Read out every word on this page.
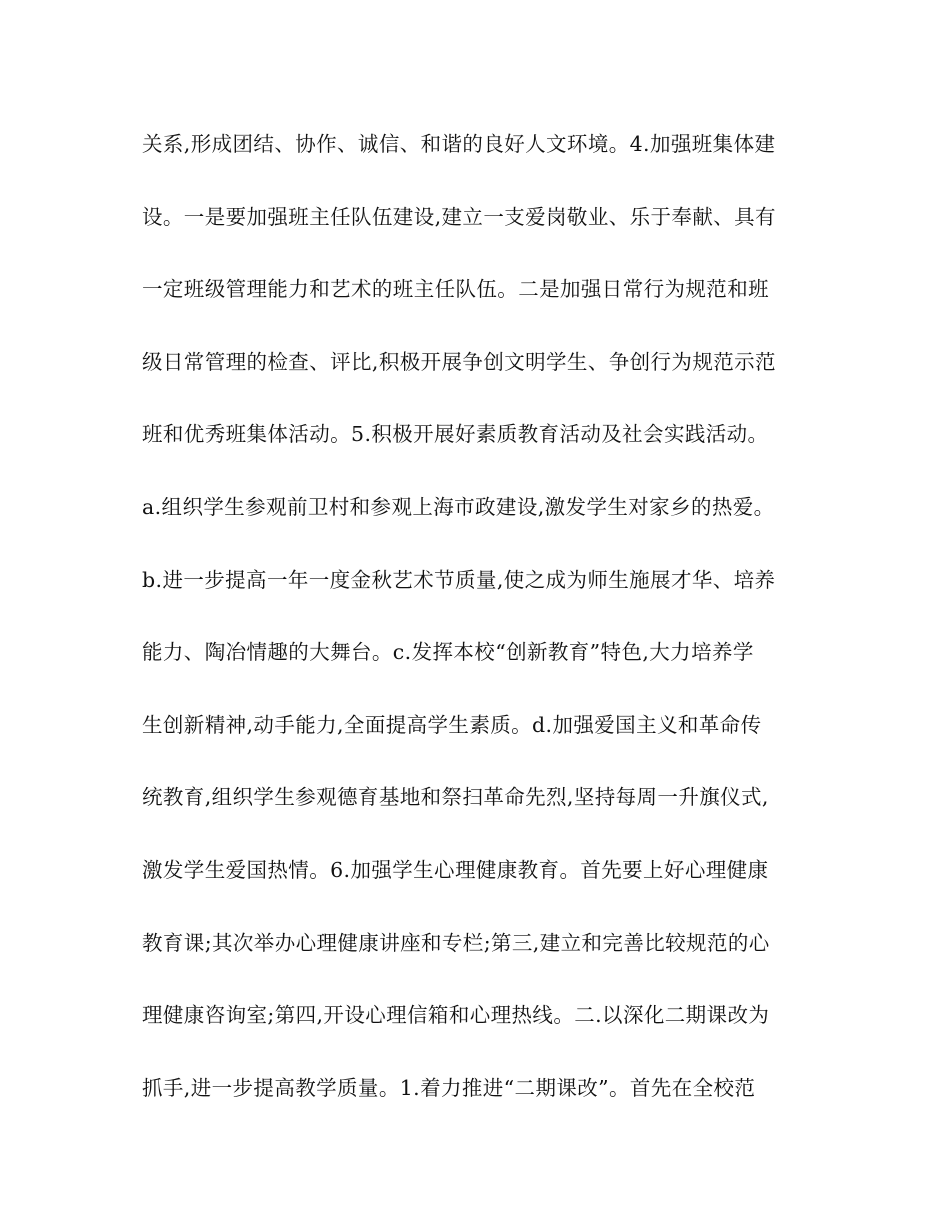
关系,形成团结、协作、诚信、和谐的良好人文环境。4.加强班集体建
设。一是要加强班主任队伍建设,建立一支爱岗敬业、乐于奉献、具有
一定班级管理能力和艺术的班主任队伍。二是加强日常行为规范和班
级日常管理的检查、评比,积极开展争创文明学生、争创行为规范示范
班和优秀班集体活动。5.积极开展好素质教育活动及社会实践活动。
a.组织学生参观前卫村和参观上海市政建设,激发学生对家乡的热爱。
b.进一步提高一年一度金秋艺术节质量,使之成为师生施展才华、培养
能力、陶冶情趣的大舞台。c.发挥本校“创新教育”特色,大力培养学
生创新精神,动手能力,全面提高学生素质。d.加强爱国主义和革命传
统教育,组织学生参观德育基地和祭扫革命先烈,坚持每周一升旗仪式,
激发学生爱国热情。6.加强学生心理健康教育。首先要上好心理健康
教育课;其次举办心理健康讲座和专栏;第三,建立和完善比较规范的心
理健康咨询室;第四,开设心理信箱和心理热线。二.以深化二期课改为
抓手,进一步提高教学质量。1.着力推进“二期课改”。首先在全校范
